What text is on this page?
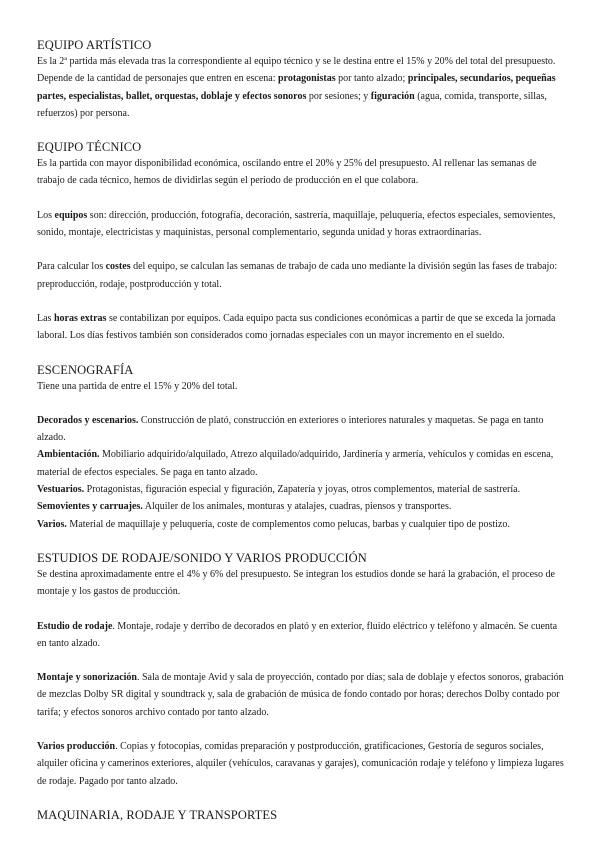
EQUIPO ARTÍSTICO

Es la 2ª partida más elevada tras la correspondiente al equipo técnico y se le destina entre el 15% y 20% del total del presupuesto. Depende de la cantidad de personajes que entren en escena: protagonistas por tanto alzado; principales, secundarios, pequeñas partes, especialistas, ballet, orquestas, doblaje y efectos sonoros por sesiones; y figuración (agua, comida, transporte, sillas, refuerzos) por persona.

EQUIPO TÉCNICO

Es la partida con mayor disponibilidad económica, oscilando entre el 20% y 25% del presupuesto. Al rellenar las semanas de trabajo de cada técnico, hemos de dividirlas según el periodo de producción en el que colabora.

Los equipos son: dirección, producción, fotografía, decoración, sastrería, maquillaje, peluquería, efectos especiales, semovientes, sonido, montaje, electricistas y maquinistas, personal complementario, segunda unidad y horas extraordinarias.

Para calcular los costes del equipo, se calculan las semanas de trabajo de cada uno mediante la división según las fases de trabajo: preproducción, rodaje, postproducción y total.

Las horas extras se contabilizan por equipos. Cada equipo pacta sus condiciones económicas a partir de que se exceda la jornada laboral. Los días festivos también son considerados como jornadas especiales con un mayor incremento en el sueldo.

ESCENOGRAFÍA

Tiene una partida de entre el 15% y 20% del total.

Decorados y escenarios. Construcción de plató, construcción en exteriores o interiores naturales y maquetas. Se paga en tanto alzado.
Ambientación. Mobiliario adquirido/alquilado, Atrezo alquilado/adquirido, Jardinería y armería, vehículos y comidas en escena, material de efectos especiales. Se paga en tanto alzado.
Vestuarios. Protagonistas, figuración especial y figuración, Zapatería y joyas, otros complementos, material de sastrería.
Semovientes y carruajes. Alquiler de los animales, monturas y atalajes, cuadras, piensos y transportes.
Varios. Material de maquillaje y peluquería, coste de complementos como pelucas, barbas y cualquier tipo de postizo.

ESTUDIOS DE RODAJE/SONIDO Y VARIOS PRODUCCIÓN

Se destina aproximadamente entre el 4% y 6% del presupuesto. Se integran los estudios donde se hará la grabación, el proceso de montaje y los gastos de producción.

Estudio de rodaje. Montaje, rodaje y derribo de decorados en plató y en exterior, fluido eléctrico y teléfono y almacén. Se cuenta en tanto alzado.

Montaje y sonorización. Sala de montaje Avid y sala de proyección, contado por días; sala de doblaje y efectos sonoros, grabación de mezclas Dolby SR digital y soundtrack y, sala de grabación de música de fondo contado por horas; derechos Dolby contado por tarifa; y efectos sonoros archivo contado por tanto alzado.

Varios producción. Copias y fotocopias, comidas preparación y postproducción, gratificaciones, Gestoría de seguros sociales, alquiler oficina y camerinos exteriores, alquiler (vehículos, caravanas y garajes), comunicación rodaje y teléfono y limpieza lugares de rodaje. Pagado por tanto alzado.

MAQUINARIA, RODAJE Y TRANSPORTES
